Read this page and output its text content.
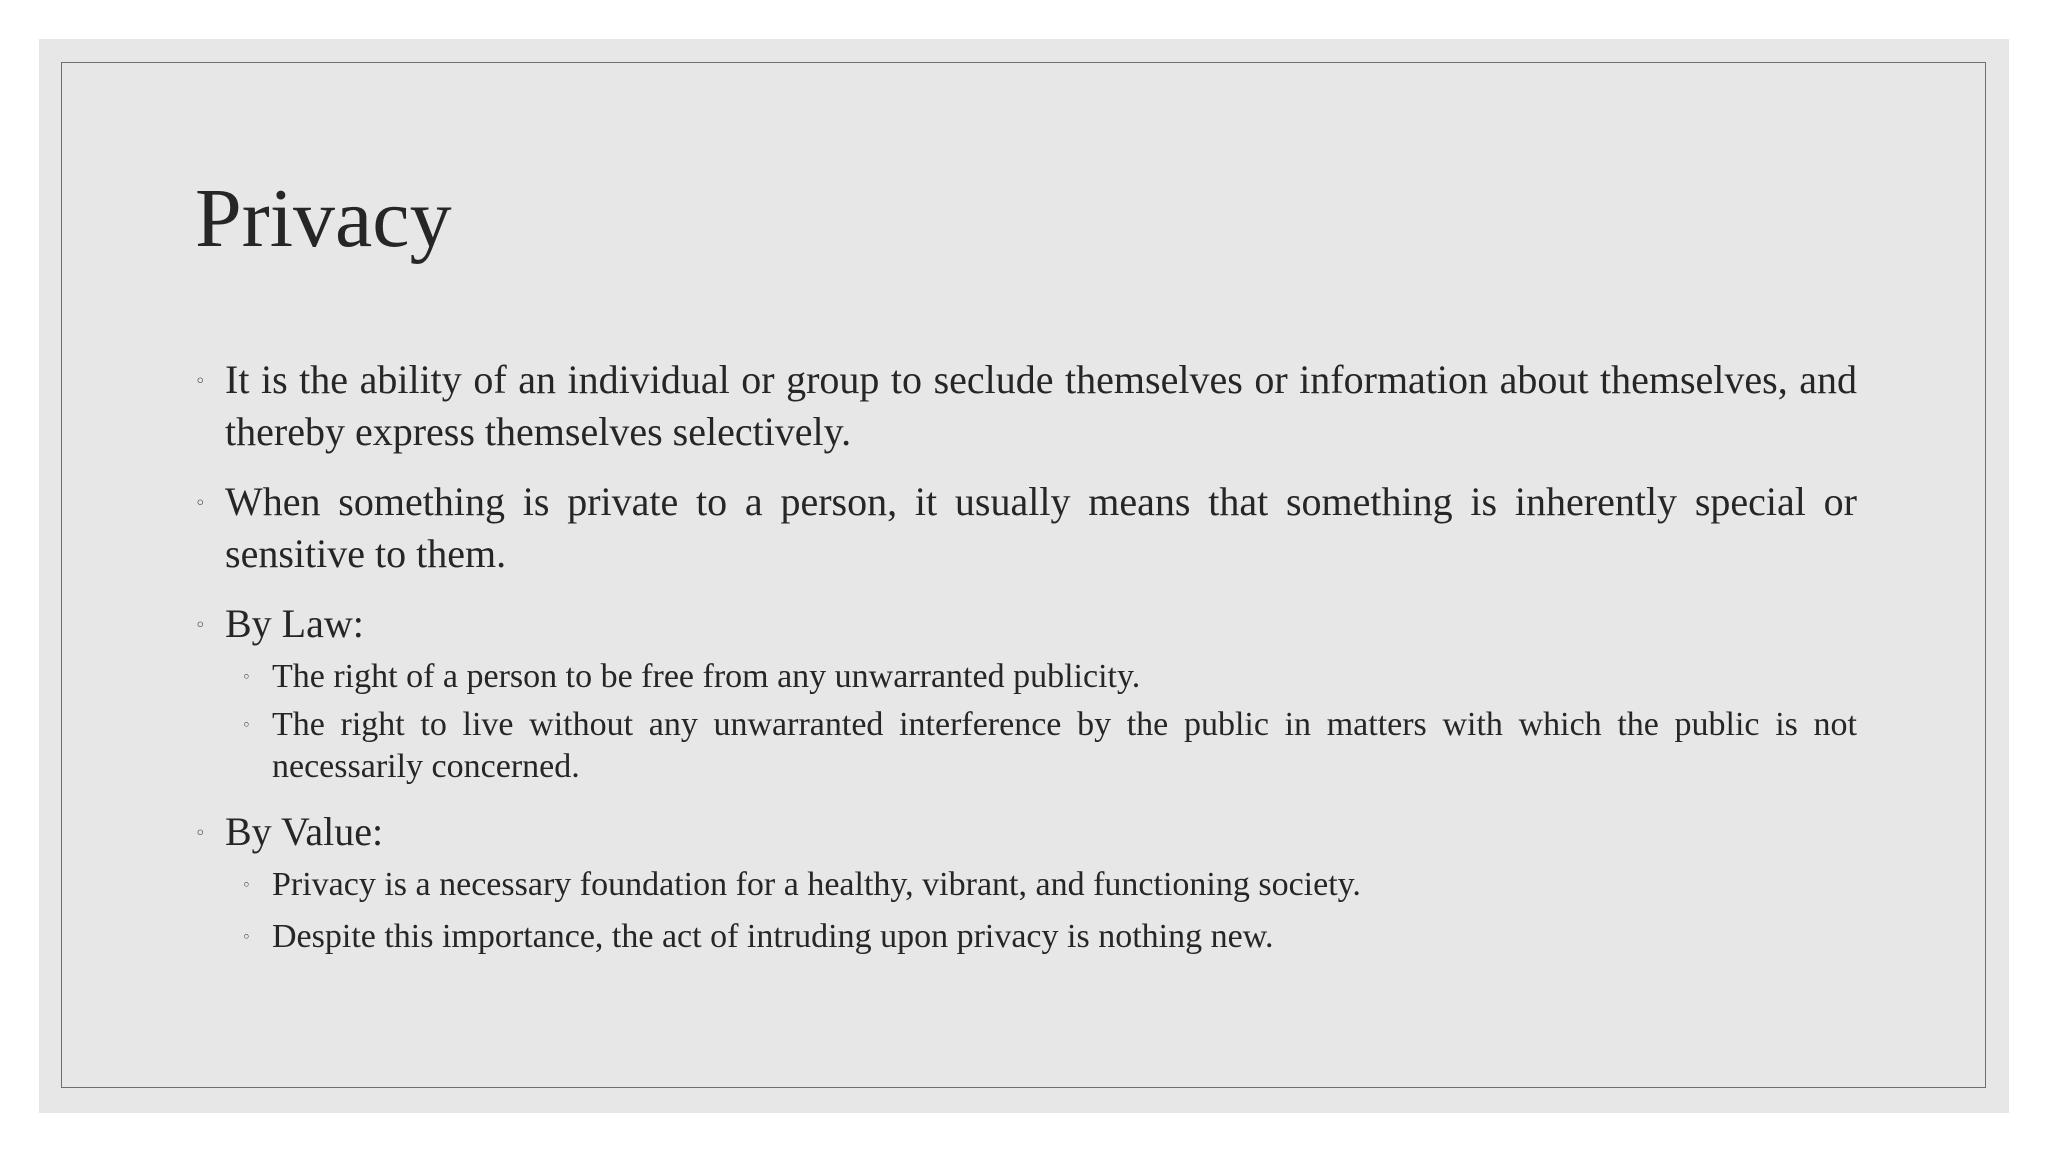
Privacy

◦ It is the ability of an individual or group to seclude themselves or information about themselves, and thereby express themselves selectively.

◦ When something is private to a person, it usually means that something is inherently special or sensitive to them.

◦ By Law:

◦ The right of a person to be free from any unwarranted publicity.

◦ The right to live without any unwarranted interference by the public in matters with which the public is not necessarily concerned.

◦ By Value:

◦ Privacy is a necessary foundation for a healthy, vibrant, and functioning society.

◦ Despite this importance, the act of intruding upon privacy is nothing new.
